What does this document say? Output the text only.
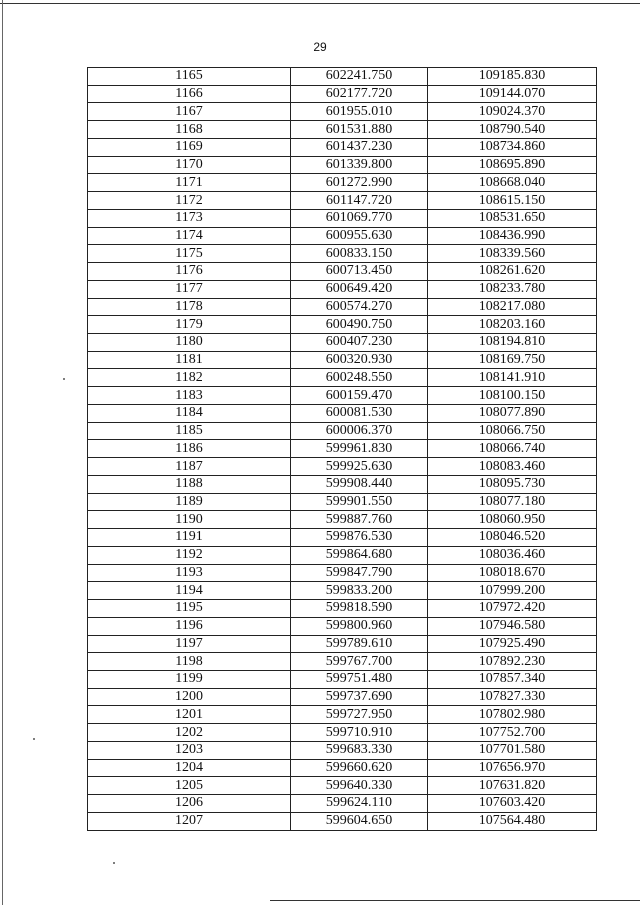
29
1165	602241.750	109185.830
1166	602177.720	109144.070
1167	601955.010	109024.370
1168	601531.880	108790.540
1169	601437.230	108734.860
1170	601339.800	108695.890
1171	601272.990	108668.040
1172	601147.720	108615.150
1173	601069.770	108531.650
1174	600955.630	108436.990
1175	600833.150	108339.560
1176	600713.450	108261.620
1177	600649.420	108233.780
1178	600574.270	108217.080
1179	600490.750	108203.160
1180	600407.230	108194.810
1181	600320.930	108169.750
1182	600248.550	108141.910
1183	600159.470	108100.150
1184	600081.530	108077.890
1185	600006.370	108066.750
1186	599961.830	108066.740
1187	599925.630	108083.460
1188	599908.440	108095.730
1189	599901.550	108077.180
1190	599887.760	108060.950
1191	599876.530	108046.520
1192	599864.680	108036.460
1193	599847.790	108018.670
1194	599833.200	107999.200
1195	599818.590	107972.420
1196	599800.960	107946.580
1197	599789.610	107925.490
1198	599767.700	107892.230
1199	599751.480	107857.340
1200	599737.690	107827.330
1201	599727.950	107802.980
1202	599710.910	107752.700
1203	599683.330	107701.580
1204	599660.620	107656.970
1205	599640.330	107631.820
1206	599624.110	107603.420
1207	599604.650	107564.480
